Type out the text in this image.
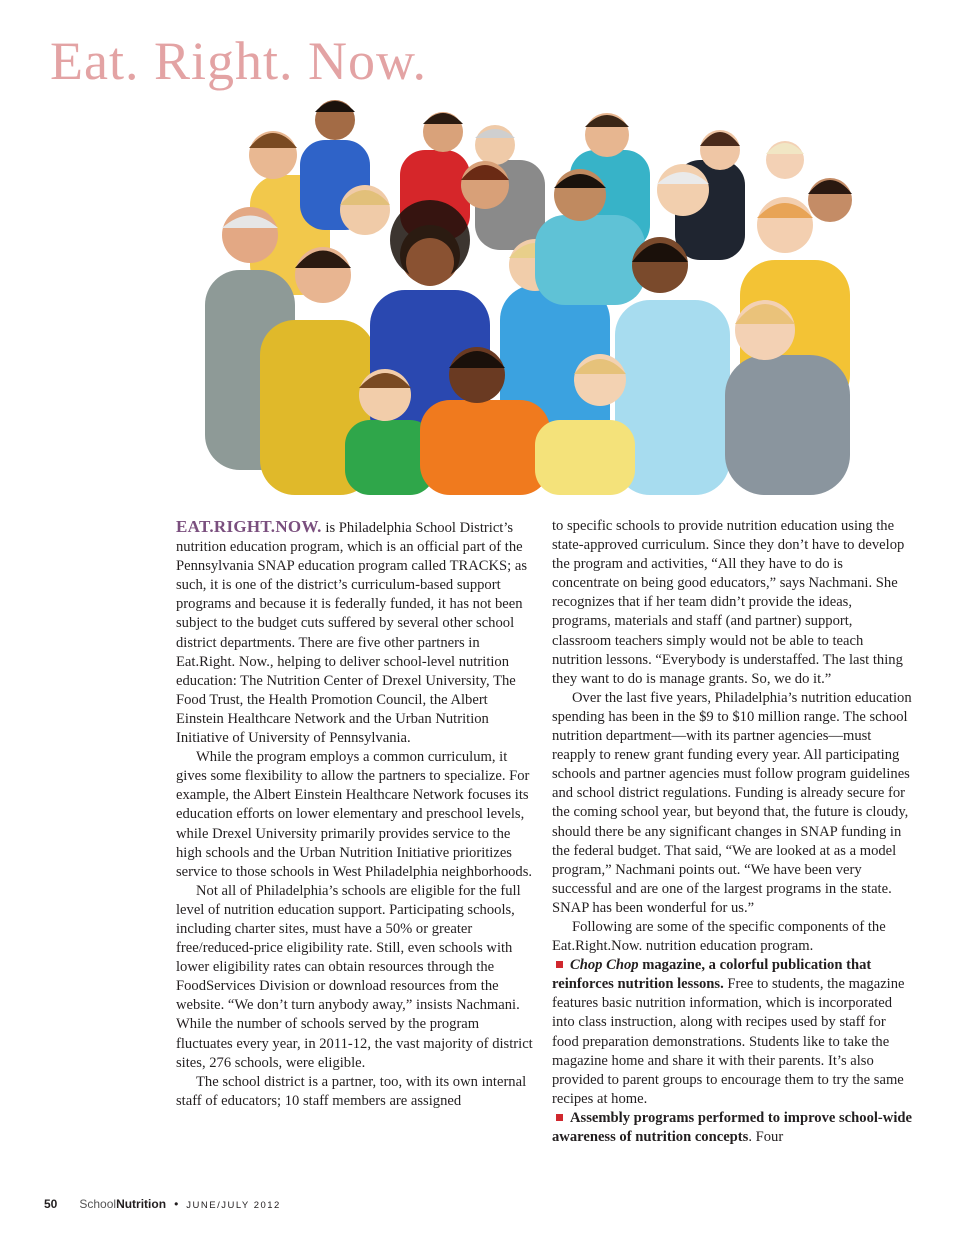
Eat. Right. Now.

EAT.RIGHT.NOW. is Philadelphia School District’s nutrition education program, which is an official part of the Pennsylvania SNAP education program called TRACKS; as such, it is one of the district’s curriculum-based support programs and because it is federally funded, it has not been subject to the budget cuts suffered by several other school district departments. There are five other partners in Eat.Right. Now., helping to deliver school-level nutrition education: The Nutrition Center of Drexel University, The Food Trust, the Health Promotion Council, the Albert Einstein Healthcare Network and the Urban Nutrition Initiative of University of Pennsylvania.

While the program employs a common curriculum, it gives some flexibility to allow the partners to specialize. For example, the Albert Einstein Healthcare Network focuses its education efforts on lower elementary and preschool levels, while Drexel University primarily provides service to the high schools and the Urban Nutrition Initiative prioritizes service to those schools in West Philadelphia neighborhoods.

Not all of Philadelphia’s schools are eligible for the full level of nutrition education support. Participating schools, including charter sites, must have a 50% or greater free/reduced-price eligibility rate. Still, even schools with lower eligibility rates can obtain resources through the FoodServices Division or download resources from the website. “We don’t turn anybody away,” insists Nachmani. While the number of schools served by the program fluctuates every year, in 2011-12, the vast majority of district sites, 276 schools, were eligible.

The school district is a partner, too, with its own internal staff of educators; 10 staff members are assigned

to specific schools to provide nutrition education using the state-approved curriculum. Since they don’t have to develop the program and activities, “All they have to do is concentrate on being good educators,” says Nachmani. She recognizes that if her team didn’t provide the ideas, programs, materials and staff (and partner) support, classroom teachers simply would not be able to teach nutrition lessons. “Everybody is understaffed. The last thing they want to do is manage grants. So, we do it.”

Over the last five years, Philadelphia’s nutrition education spending has been in the $9 to $10 million range. The school nutrition department—with its partner agencies—must reapply to renew grant funding every year. All participating schools and partner agencies must follow program guidelines and school district regulations. Funding is already secure for the coming school year, but beyond that, the future is cloudy, should there be any significant changes in SNAP funding in the federal budget. That said, “We are looked at as a model program,” Nachmani points out. “We have been very successful and are one of the largest programs in the state. SNAP has been wonderful for us.”

Following are some of the specific components of the Eat.Right.Now. nutrition education program.

Chop Chop magazine, a colorful publication that reinforces nutrition lessons. Free to students, the magazine features basic nutrition information, which is incorporated into class instruction, along with recipes used by staff for food preparation demonstrations. Students like to take the magazine home and share it with their parents. It’s also provided to parent groups to encourage them to try the same recipes at home.

Assembly programs performed to improve school-wide awareness of nutrition concepts. Four

50 SchoolNutrition • JUNE/JULY 2012
